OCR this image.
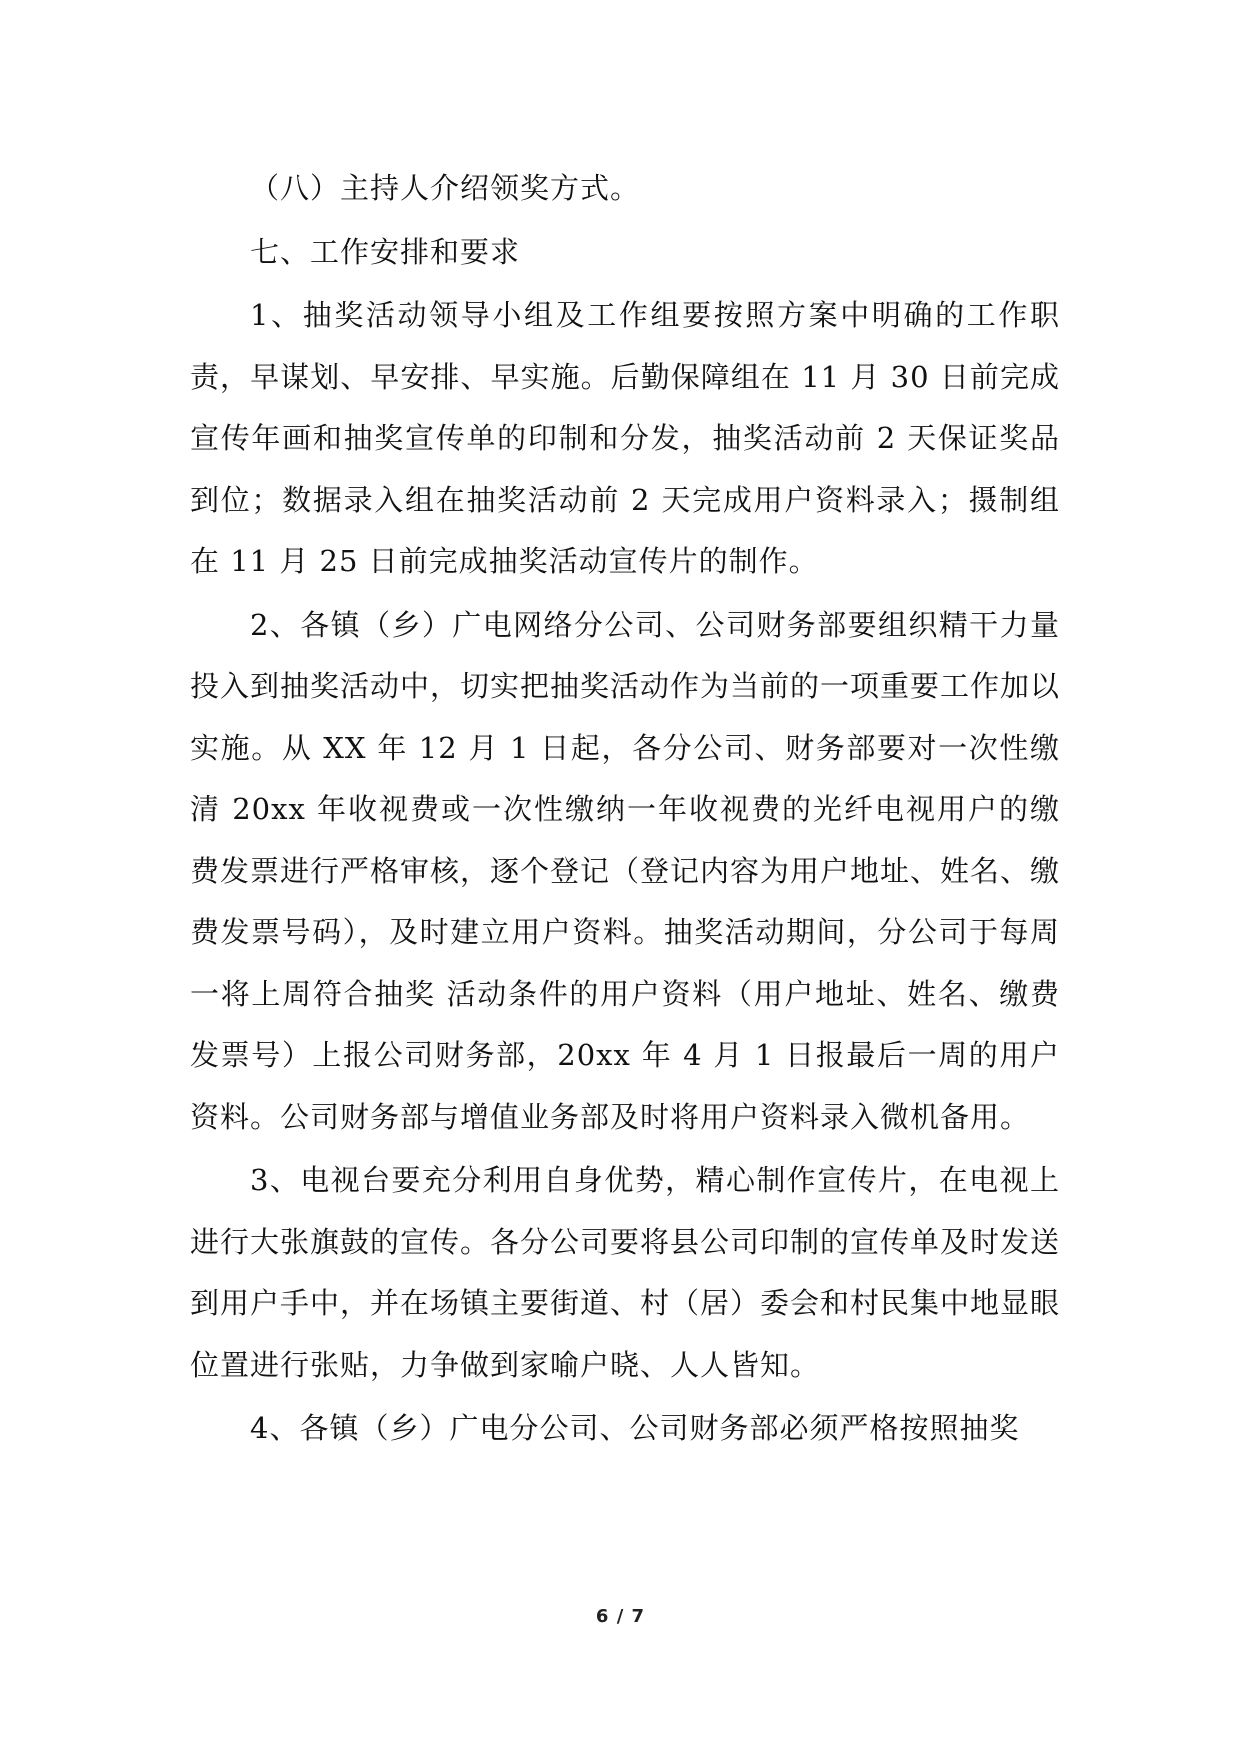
（八）主持人介绍领奖方式。

七、工作安排和要求

1、抽奖活动领导小组及工作组要按照方案中明确的工作职责，早谋划、早安排、早实施。后勤保障组在 11 月 30 日前完成宣传年画和抽奖宣传单的印制和分发，抽奖活动前 2 天保证奖品到位；数据录入组在抽奖活动前 2 天完成用户资料录入；摄制组在 11 月 25 日前完成抽奖活动宣传片的制作。

2、各镇（乡）广电网络分公司、公司财务部要组织精干力量投入到抽奖活动中，切实把抽奖活动作为当前的一项重要工作加以实施。从 XX 年 12 月 1 日起，各分公司、财务部要对一次性缴清 20xx 年收视费或一次性缴纳一年收视费的光纤电视用户的缴费发票进行严格审核，逐个登记（登记内容为用户地址、姓名、缴费发票号码），及时建立用户资料。抽奖活动期间，分公司于每周一将上周符合抽奖 活动条件的用户资料（用户地址、姓名、缴费发票号）上报公司财务部，20xx 年 4 月 1 日报最后一周的用户资料。公司财务部与增值业务部及时将用户资料录入微机备用。

3、电视台要充分利用自身优势，精心制作宣传片，在电视上进行大张旗鼓的宣传。各分公司要将县公司印制的宣传单及时发送到用户手中，并在场镇主要街道、村（居）委会和村民集中地显眼位置进行张贴，力争做到家喻户晓、人人皆知。

4、各镇（乡）广电分公司、公司财务部必须严格按照抽奖

6 / 7
